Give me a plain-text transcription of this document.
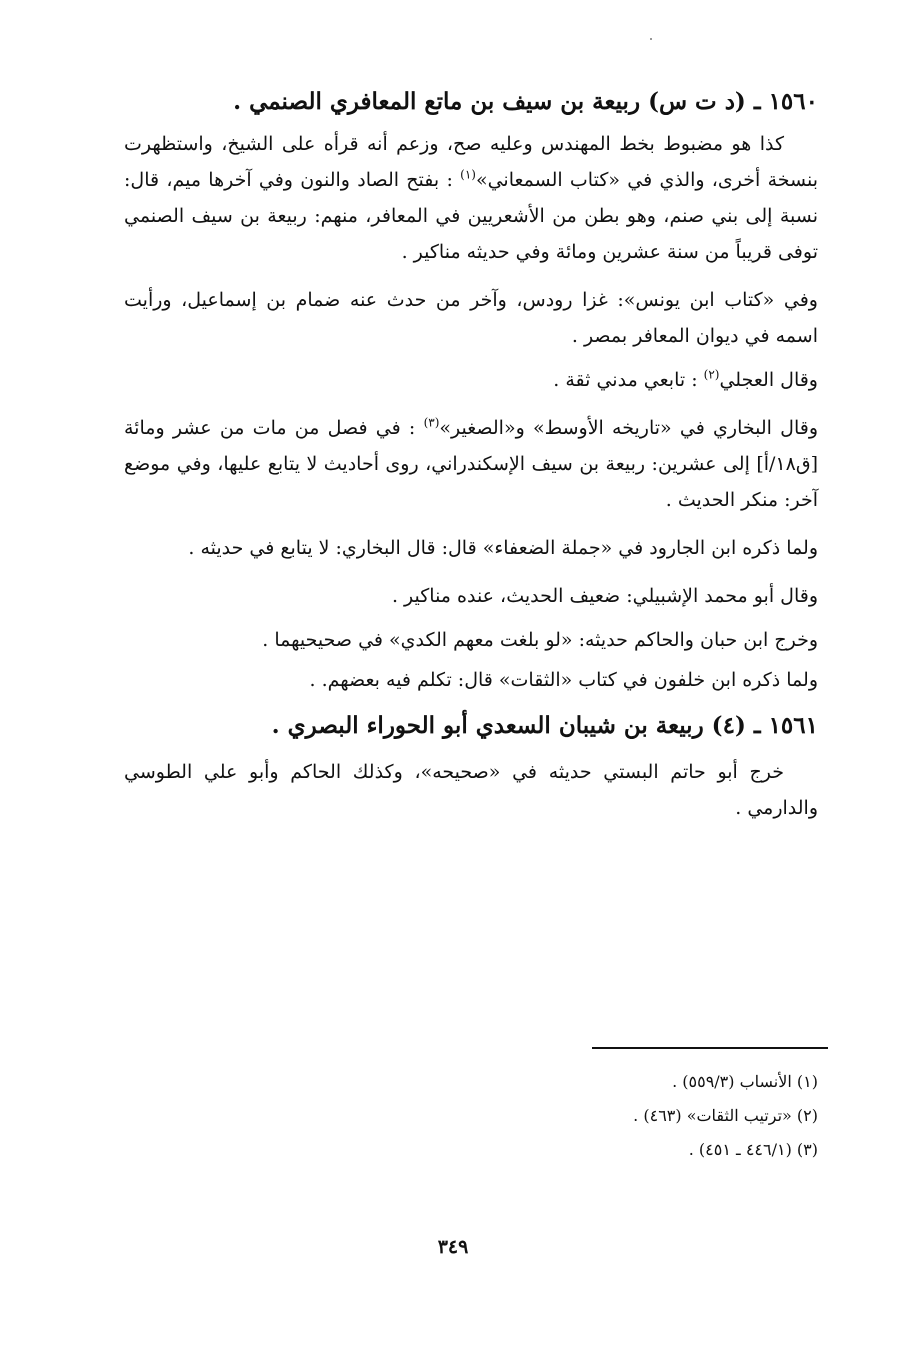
١٥٦٠ ـ (د ت س) ربيعة بن سيف بن ماتع المعافري الصنمي .

كذا هو مضبوط بخط المهندس وعليه صح، وزعم أنه قرأه على الشيخ، واستظهرت بنسخة أخرى، والذي في «كتاب السمعاني»$^{(١)}$ : بفتح الصاد والنون وفي آخرها ميم، قال: نسبة إلى بني صنم، وهو بطن من الأشعريين في المعافر، منهم: ربيعة بن سيف الصنمي توفى قريباً من سنة عشرين ومائة وفي حديثه مناكير .

وفي «كتاب ابن يونس»: غزا رودس، وآخر من حدث عنه ضمام بن إسماعيل، ورأيت اسمه في ديوان المعافر بمصر .

وقال العجلي$^{(٢)}$ : تابعي مدني ثقة .

وقال البخاري في «تاريخه الأوسط» و«الصغير»$^{(٣)}$ : في فصل من مات من عشر ومائة [ق١٨/أ] إلى عشرين: ربيعة بن سيف الإسكندراني، روى أحاديث لا يتابع عليها، وفي موضع آخر: منكر الحديث .

ولما ذكره ابن الجارود في «جملة الضعفاء» قال: قال البخاري: لا يتابع في حديثه .

وقال أبو محمد الإشبيلي: ضعيف الحديث، عنده مناكير .

وخرج ابن حبان والحاكم حديثه: «لو بلغت معهم الكدي» في صحيحيهما .

ولما ذكره ابن خلفون في كتاب «الثقات» قال: تكلم فيه بعضهم. .

١٥٦١ ـ (٤) ربيعة بن شيبان السعدي أبو الحوراء البصري .

خرج أبو حاتم البستي حديثه في «صحيحه»، وكذلك الحاكم وأبو علي الطوسي والدارمي .

(١) الأنساب (٥٥٩/٣) .

(٢) «ترتيب الثقات» (٤٦٣) .

(٣) (٤٤٦/١ ـ ٤٥١) .

٣٤٩
